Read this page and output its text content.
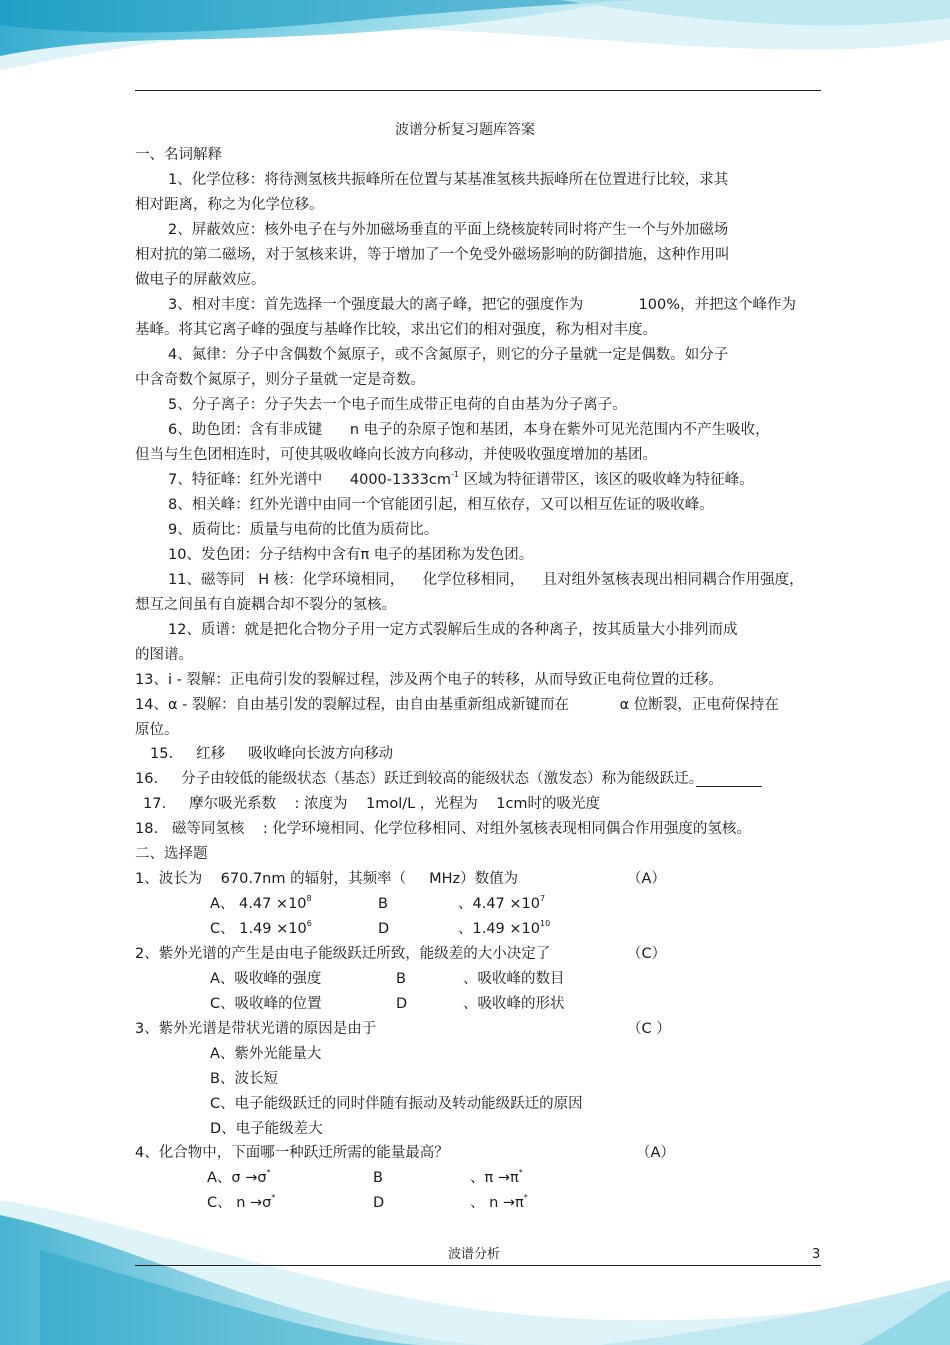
波谱分析复习题库答案
一、名词解释
1、化学位移：将待测氢核共振峰所在位置与某基准氢核共振峰所在位置进行比较，求其
相对距离，称之为化学位移。
2、屏蔽效应：核外电子在与外加磁场垂直的平面上绕核旋转同时将产生一个与外加磁场
相对抗的第二磁场，对于氢核来讲，等于增加了一个免受外磁场影响的防御措施，这种作用叫
做电子的屏蔽效应。
3、相对丰度：首先选择一个强度最大的离子峰，把它的强度作为            100%，并把这个峰作为
基峰。将其它离子峰的强度与基峰作比较，求出它们的相对强度，称为相对丰度。
4、氮律：分子中含偶数个氮原子，或不含氮原子，则它的分子量就一定是偶数。如分子
中含奇数个氮原子，则分子量就一定是奇数。
5、分子离子：分子失去一个电子而生成带正电荷的自由基为分子离子。
6、助色团：含有非成键      n 电子的杂原子饱和基团，本身在紫外可见光范围内不产生吸收，
但当与生色团相连时，可使其吸收峰向长波方向移动，并使吸收强度增加的基团。
7、特征峰：红外光谱中      $4000-1333cm^{-1}$ 区域为特征谱带区，该区的吸收峰为特征峰。
8、相关峰：红外光谱中由同一个官能团引起，相互依存，又可以相互佐证的吸收峰。
9、质荷比：质量与电荷的比值为质荷比。
10、发色团：分子结构中含有π 电子的基团称为发色团。
11、磁等同   H 核：化学环境相同，    化学位移相同，    且对组外氢核表现出相同耦合作用强度，
想互之间虽有自旋耦合却不裂分的氢核。
12、质谱：就是把化合物分子用一定方式裂解后生成的各种离子，按其质量大小排列而成
的图谱。
13、i - 裂解：正电荷引发的裂解过程，涉及两个电子的转移，从而导致正电荷位置的迁移。
14、α - 裂解：自由基引发的裂解过程，由自由基重新组成新键而在           α 位断裂，正电荷保持在
原位。
15.     红移     吸收峰向长波方向移动
16.     分子由较低的能级状态（基态）跃迁到较高的能级状态（激发态）称为能级跃迁。
17.     摩尔吸光系数    : 浓度为    1mol/L ，光程为    1cm时的吸光度
18.   磁等同氢核    : 化学环境相同、化学位移相同、对组外氢核表现相同偶合作用强度的氢核。
二、选择题
1、波长为    670.7nm 的辐射，其频率（     MHz）数值为	（A）
A、 $4.47 \times 10^8$	B	、$4.47 \times 10^7$
C、 $1.49 \times 10^6$	D	、$1.49 \times 10^{10}$
2、紫外光谱的产生是由电子能级跃迁所致，能级差的大小决定了	（C）
A、吸收峰的强度	B	、吸收峰的数目
C、吸收峰的位置	D	、吸收峰的形状
3、紫外光谱是带状光谱的原因是由于	（C ）
A、紫外光能量大
B、波长短
C、电子能级跃迁的同时伴随有振动及转动能级跃迁的原因
D、电子能级差大
4、化合物中，下面哪一种跃迁所需的能量最高？	（A）
A、σ →σ*	B	、π →π*
C、 n →σ*	D	、 n →π*
波谱分析	3
